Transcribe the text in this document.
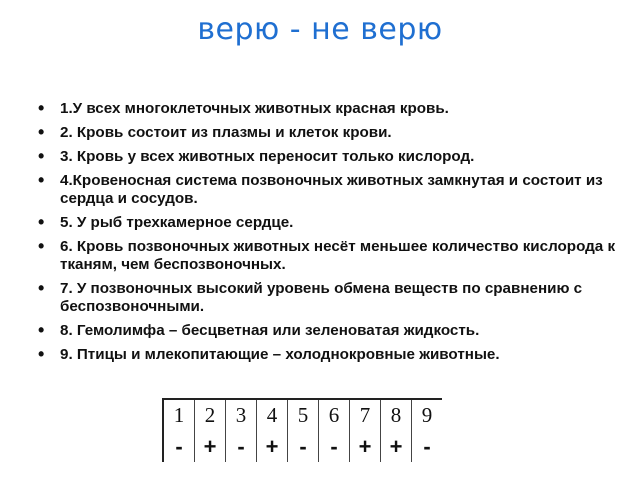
верю - не верю
• 1.У всех многоклеточных животных красная кровь.
• 2. Кровь состоит из плазмы и клеток крови.
• 3. Кровь у всех животных переносит только кислород.
• 4.Кровеносная система позвоночных животных замкнутая и состоит из сердца и сосудов.
• 5. У рыб трехкамерное сердце.
• 6. Кровь позвоночных животных несёт меньшее количество кислорода к тканям, чем беспозвоночных.
• 7. У позвоночных высокий уровень обмена веществ по сравнению с беспозвоночными.
• 8. Гемолимфа – бесцветная или зеленоватая жидкость.
• 9. Птицы и млекопитающие – холоднокровные животные.
1	2	3	4	5	6	7	8	9
-	+	-	+	-	-	+	+	-
